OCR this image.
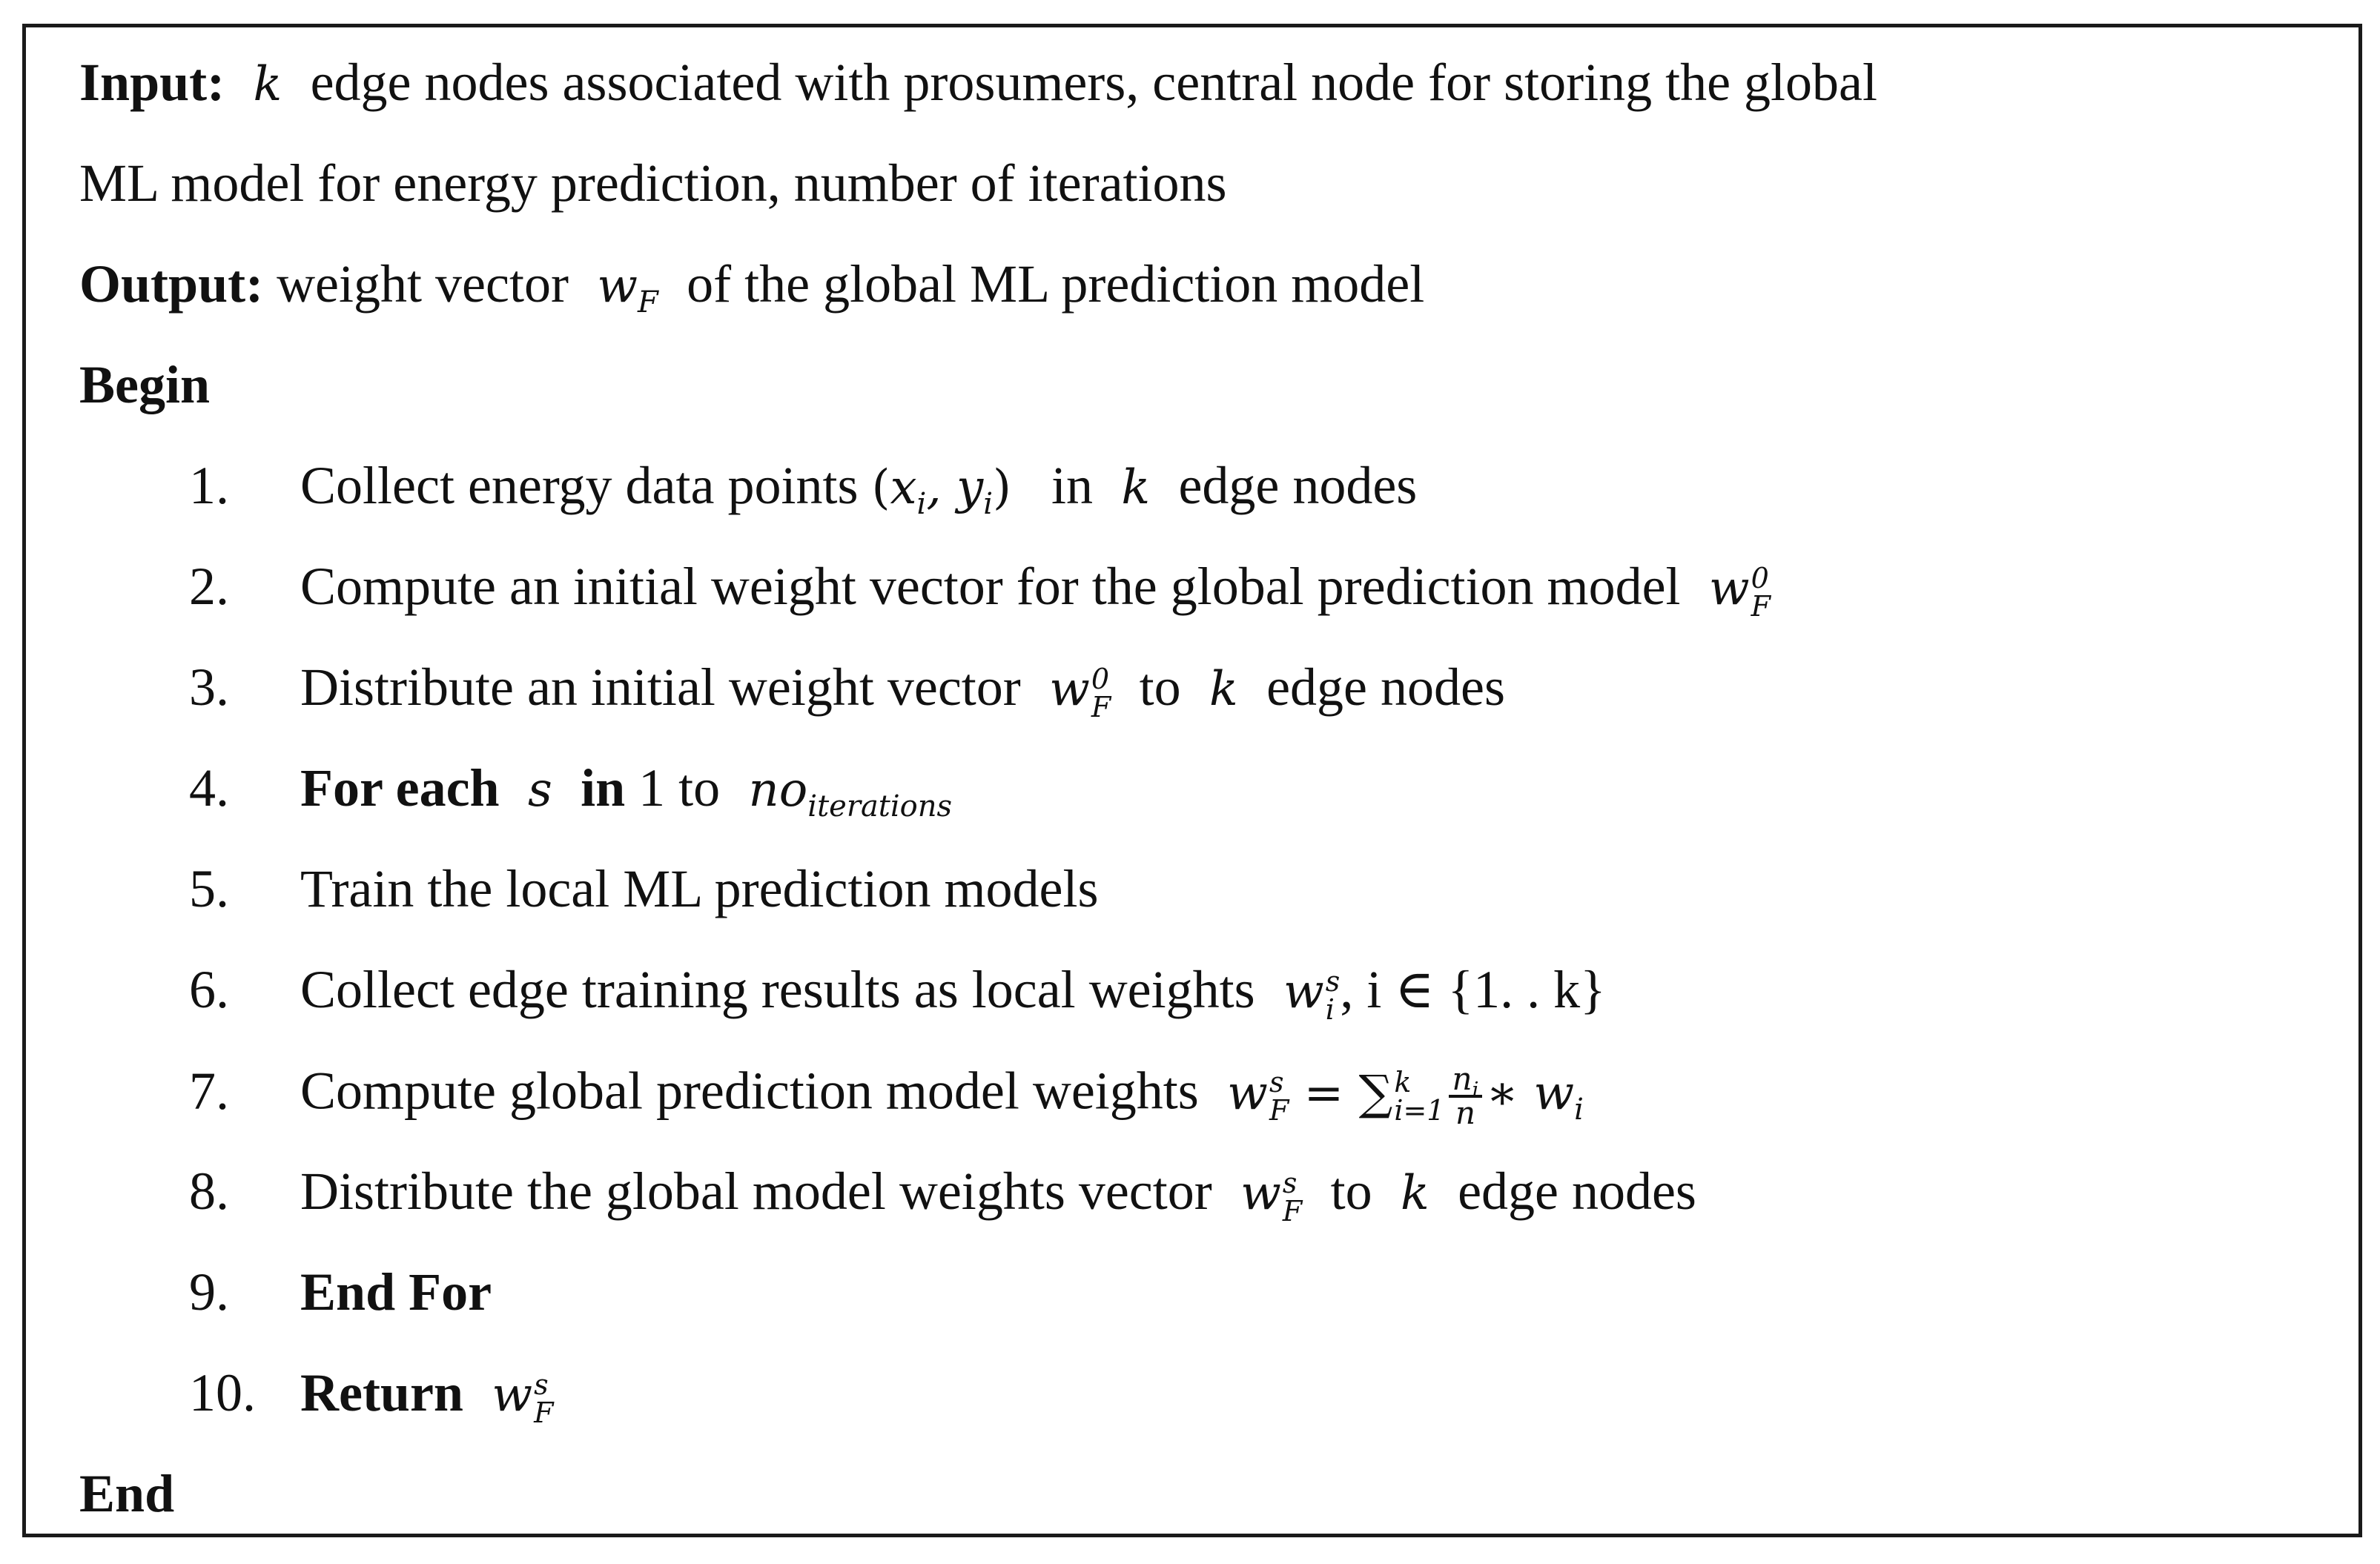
Input:  k  edge nodes associated with prosumers, central node for storing the global
ML model for energy prediction, number of iterations
Output: weight vector  $w_F$ of the global ML prediction model
Begin
1. Collect energy data points ($x_i$, $y_i$) in  k  edge nodes
2. Compute an initial weight vector for the global prediction model  w 0
F
3. Distribute an initial weight vector  w 0
F to  k  edge nodes
4. For each  s  in 1 to  $no_{iterations}$
5. Train the local ML prediction models
6. Collect edge training results as local weights  w s
i , i ∈ {1. . k}
7. Compute global prediction model weights  w s
F = ∑ k
$i=1 \frac{n_i}{n}$ ∗ $w_i$
8. Distribute the global model weights vector  w s
F to  k  edge nodes
9. End For
10. Return  w s
F
End
